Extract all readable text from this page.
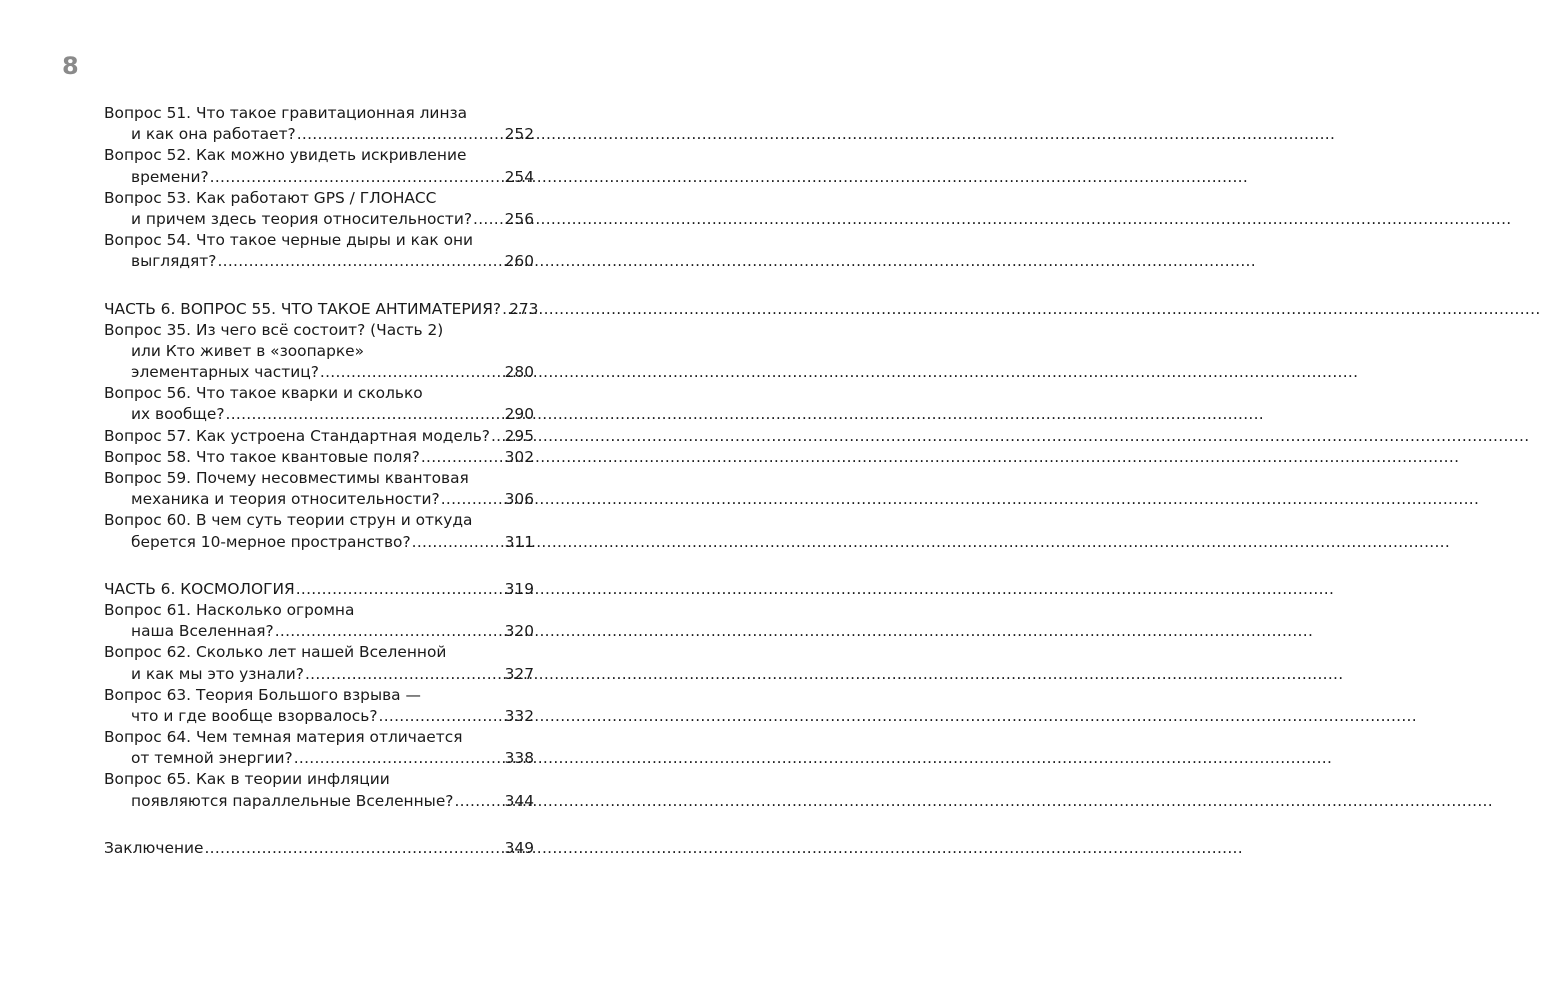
8
Вопрос 51. Что такое гравитационная линза
и как она работает? .....	252
Вопрос 52. Как можно увидеть искривление
времени? .....	254
Вопрос 53. Как работают GPS / ГЛОНАСС
и причем здесь теория относительности? ..... 256
Вопрос 54. Что такое черные дыры и как они
выглядят? .....	260
ЧАСТЬ 6. ВОПРОС 55. ЧТО ТАКОЕ АНТИМАТЕРИЯ? ..... 273
Вопрос 35. Из чего всё состоит? (Часть 2)
или Кто живет в «зоопарке»
элементарных частиц? .....	280
Вопрос 56. Что такое кварки и сколько
их вообще? .....	290
Вопрос 57. Как устроена Стандартная модель? ..... 295
Вопрос 58. Что такое квантовые поля? .....	302
Вопрос 59. Почему несовместимы квантовая
механика и теория относительности? .....	306
Вопрос 60. В чем суть теории струн и откуда
берется 10-мерное пространство? .....	311
ЧАСТЬ 6. КОСМОЛОГИЯ .....	319
Вопрос 61. Насколько огромна
наша Вселенная? .....	320
Вопрос 62. Сколько лет нашей Вселенной
и как мы это узнали? .....	327
Вопрос 63. Теория Большого взрыва —
что и где вообще взорвалось? .....	332
Вопрос 64. Чем темная материя отличается
от темной энергии? .....	338
Вопрос 65. Как в теории инфляции
появляются параллельные Вселенные? .....	344
Заключение .....	349
